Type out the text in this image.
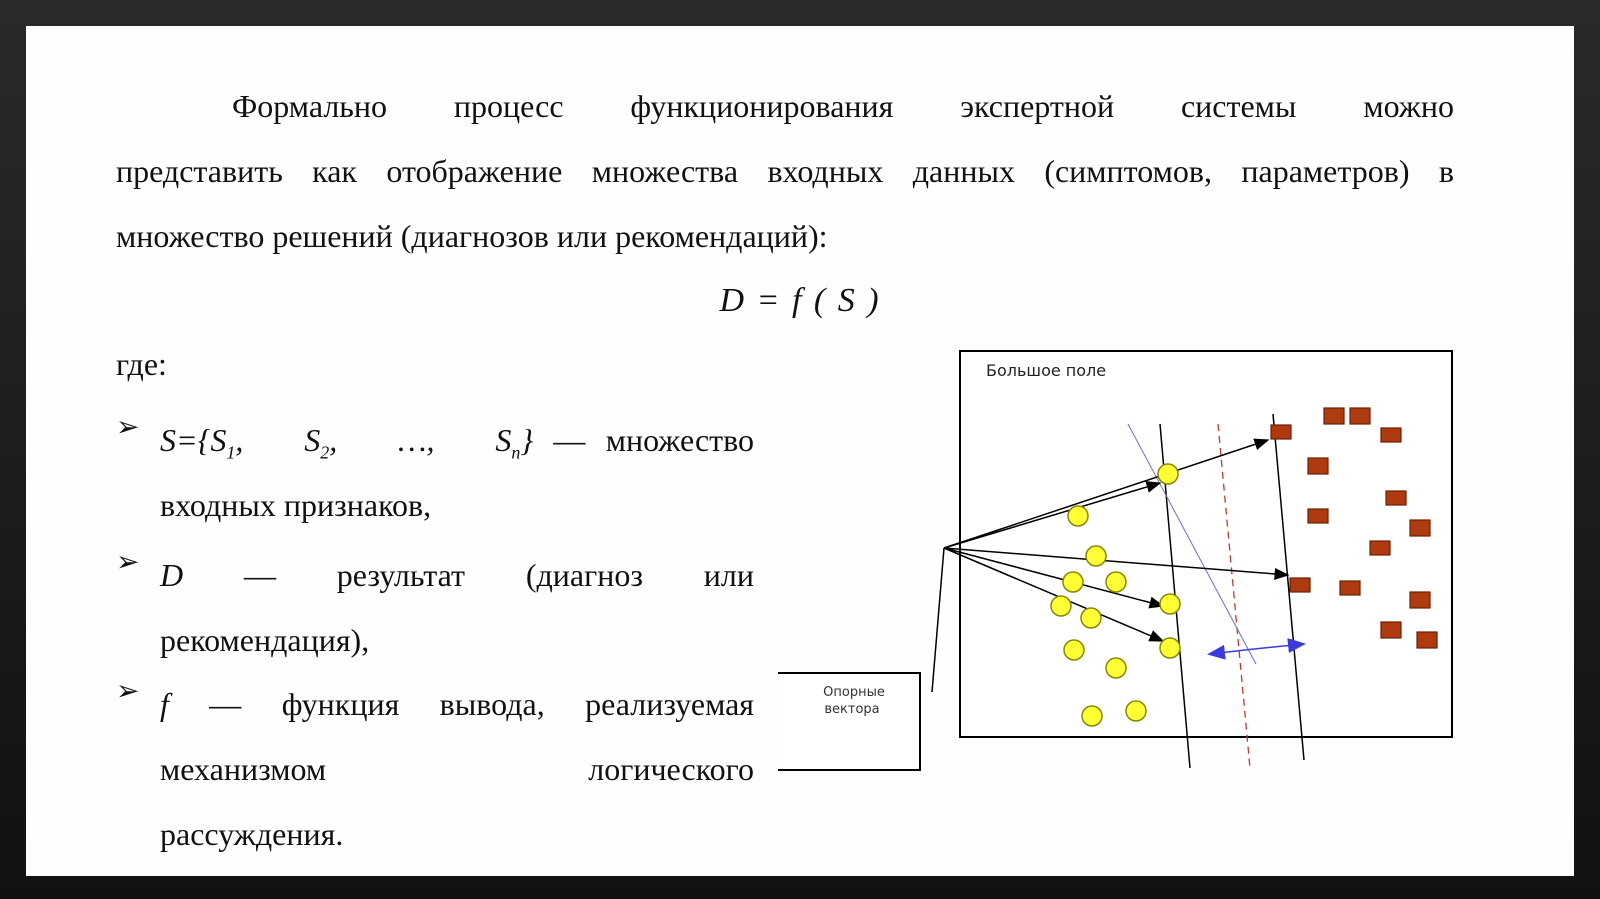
Формально процесс функционирования экспертной системы можно
представить как отображение множества входных данных (симптомов, параметров) в
множество решений (диагнозов или рекомендаций):
D = f ( S )
где:
➢ $S=\{S_1$,   $S_2$,   …,   $S_n$} — множество
входных признаков,
➢ D — результат (диагноз или
рекомендация),
➢ f — функция вывода, реализуемая
механизмом логического
рассуждения.
Большое поле
Опорные
вектора
